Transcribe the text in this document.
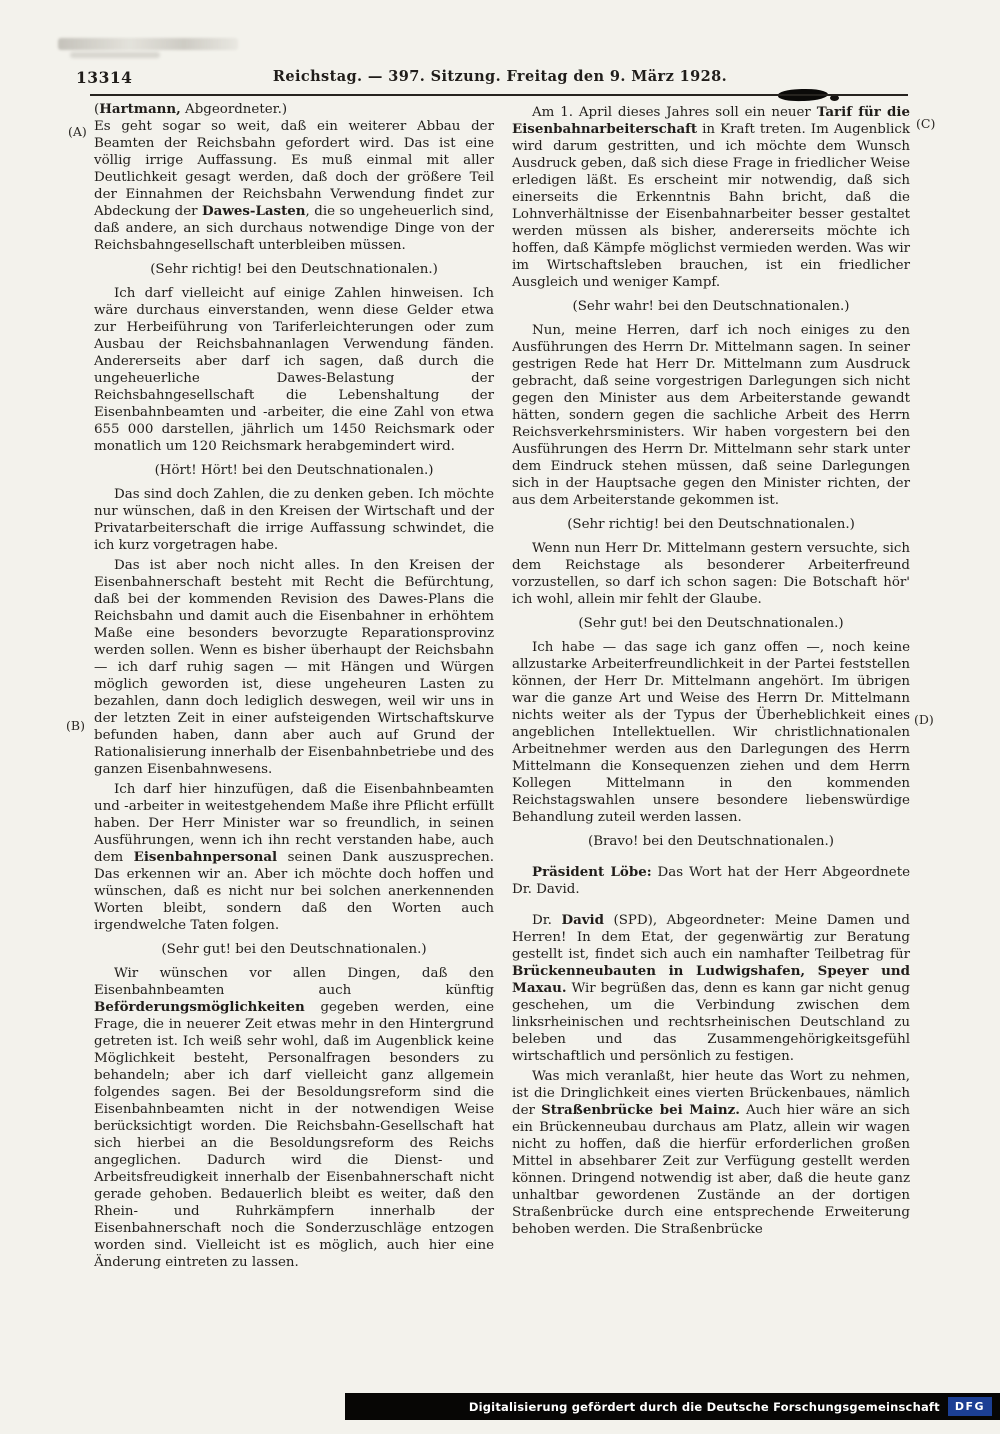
13314	Reichstag. — 397. Sitzung. Freitag den 9. März 1928.
(A)
(B)
(C)
(D)

(Hartmann, Abgeordneter.)

Es geht sogar so weit, daß ein weiterer Abbau der Beamten der Reichsbahn gefordert wird. Das ist eine völlig irrige Auffassung. Es muß einmal mit aller Deutlichkeit gesagt werden, daß doch der größere Teil der Einnahmen der Reichsbahn Verwendung findet zur Abdeckung der Dawes-Lasten, die so ungeheuerlich sind, daß andere, an sich durchaus notwendige Dinge von der Reichsbahngesellschaft unterbleiben müssen.

(Sehr richtig! bei den Deutschnationalen.)

Ich darf vielleicht auf einige Zahlen hinweisen. Ich wäre durchaus einverstanden, wenn diese Gelder etwa zur Herbeiführung von Tariferleichterungen oder zum Ausbau der Reichsbahnanlagen Verwendung fänden. Andererseits aber darf ich sagen, daß durch die ungeheuerliche Dawes-Belastung der Reichsbahngesellschaft die Lebenshaltung der Eisenbahnbeamten und -arbeiter, die eine Zahl von etwa 655 000 darstellen, jährlich um 1450 Reichsmark oder monatlich um 120 Reichsmark herabgemindert wird.

(Hört! Hört! bei den Deutschnationalen.)

Das sind doch Zahlen, die zu denken geben. Ich möchte nur wünschen, daß in den Kreisen der Wirtschaft und der Privatarbeiterschaft die irrige Auffassung schwindet, die ich kurz vorgetragen habe.

Das ist aber noch nicht alles. In den Kreisen der Eisenbahnerschaft besteht mit Recht die Befürchtung, daß bei der kommenden Revision des Dawes-Plans die Reichsbahn und damit auch die Eisenbahner in erhöhtem Maße eine besonders bevorzugte Reparationsprovinz werden sollen. Wenn es bisher überhaupt der Reichsbahn — ich darf ruhig sagen — mit Hängen und Würgen möglich geworden ist, diese ungeheuren Lasten zu bezahlen, dann doch lediglich deswegen, weil wir uns in der letzten Zeit in einer aufsteigenden Wirtschaftskurve befunden haben, dann aber auch auf Grund der Rationalisierung innerhalb der Eisenbahnbetriebe und des ganzen Eisenbahnwesens.

Ich darf hier hinzufügen, daß die Eisenbahnbeamten und -arbeiter in weitestgehendem Maße ihre Pflicht erfüllt haben. Der Herr Minister war so freundlich, in seinen Ausführungen, wenn ich ihn recht verstanden habe, auch dem Eisenbahnpersonal seinen Dank auszusprechen. Das erkennen wir an. Aber ich möchte doch hoffen und wünschen, daß es nicht nur bei solchen anerkennenden Worten bleibt, sondern daß den Worten auch irgendwelche Taten folgen.

(Sehr gut! bei den Deutschnationalen.)

Wir wünschen vor allen Dingen, daß den Eisenbahnbeamten auch künftig Beförderungsmöglichkeiten gegeben werden, eine Frage, die in neuerer Zeit etwas mehr in den Hintergrund getreten ist. Ich weiß sehr wohl, daß im Augenblick keine Möglichkeit besteht, Personalfragen besonders zu behandeln; aber ich darf vielleicht ganz allgemein folgendes sagen. Bei der Besoldungsreform sind die Eisenbahnbeamten nicht in der notwendigen Weise berücksichtigt worden. Die Reichsbahn-Gesellschaft hat sich hierbei an die Besoldungsreform des Reichs angeglichen. Dadurch wird die Dienst- und Arbeitsfreudigkeit innerhalb der Eisenbahnerschaft nicht gerade gehoben. Bedauerlich bleibt es weiter, daß den Rhein- und Ruhrkämpfern innerhalb der Eisenbahnerschaft noch die Sonderzuschläge entzogen worden sind. Vielleicht ist es möglich, auch hier eine Änderung eintreten zu lassen.

Am 1. April dieses Jahres soll ein neuer Tarif für die Eisenbahnarbeiterschaft in Kraft treten. Im Augenblick wird darum gestritten, und ich möchte dem Wunsch Ausdruck geben, daß sich diese Frage in friedlicher Weise erledigen läßt. Es erscheint mir notwendig, daß sich einerseits die Erkenntnis Bahn bricht, daß die Lohnverhältnisse der Eisenbahnarbeiter besser gestaltet werden müssen als bisher, andererseits möchte ich hoffen, daß Kämpfe möglichst vermieden werden. Was wir im Wirtschaftsleben brauchen, ist ein friedlicher Ausgleich und weniger Kampf.

(Sehr wahr! bei den Deutschnationalen.)

Nun, meine Herren, darf ich noch einiges zu den Ausführungen des Herrn Dr. Mittelmann sagen. In seiner gestrigen Rede hat Herr Dr. Mittelmann zum Ausdruck gebracht, daß seine vorgestrigen Darlegungen sich nicht gegen den Minister aus dem Arbeiterstande gewandt hätten, sondern gegen die sachliche Arbeit des Herrn Reichsverkehrsministers. Wir haben vorgestern bei den Ausführungen des Herrn Dr. Mittelmann sehr stark unter dem Eindruck stehen müssen, daß seine Darlegungen sich in der Hauptsache gegen den Minister richten, der aus dem Arbeiterstande gekommen ist.

(Sehr richtig! bei den Deutschnationalen.)

Wenn nun Herr Dr. Mittelmann gestern versuchte, sich dem Reichstage als besonderer Arbeiterfreund vorzustellen, so darf ich schon sagen: Die Botschaft hör' ich wohl, allein mir fehlt der Glaube.

(Sehr gut! bei den Deutschnationalen.)

Ich habe — das sage ich ganz offen —, noch keine allzustarke Arbeiterfreundlichkeit in der Partei feststellen können, der Herr Dr. Mittelmann angehört. Im übrigen war die ganze Art und Weise des Herrn Dr. Mittelmann nichts weiter als der Typus der Überheblichkeit eines angeblichen Intellektuellen. Wir christlichnationalen Arbeitnehmer werden aus den Darlegungen des Herrn Mittelmann die Konsequenzen ziehen und dem Herrn Kollegen Mittelmann in den kommenden Reichstagswahlen unsere besondere liebenswürdige Behandlung zuteil werden lassen.

(Bravo! bei den Deutschnationalen.)

Präsident Löbe: Das Wort hat der Herr Abgeordnete Dr. David.

Dr. David (SPD), Abgeordneter: Meine Damen und Herren! In dem Etat, der gegenwärtig zur Beratung gestellt ist, findet sich auch ein namhafter Teilbetrag für Brückenneubauten in Ludwigshafen, Speyer und Maxau. Wir begrüßen das, denn es kann gar nicht genug geschehen, um die Verbindung zwischen dem linksrheinischen und rechtsrheinischen Deutschland zu beleben und das Zusammengehörigkeitsgefühl wirtschaftlich und persönlich zu festigen.

Was mich veranlaßt, hier heute das Wort zu nehmen, ist die Dringlichkeit eines vierten Brückenbaues, nämlich der Straßenbrücke bei Mainz. Auch hier wäre an sich ein Brückenneubau durchaus am Platz, allein wir wagen nicht zu hoffen, daß die hierfür erforderlichen großen Mittel in absehbarer Zeit zur Verfügung gestellt werden können. Dringend notwendig ist aber, daß die heute ganz unhaltbar gewordenen Zustände an der dortigen Straßenbrücke durch eine entsprechende Erweiterung behoben werden. Die Straßenbrücke

Digitalisierung gefördert durch die Deutsche Forschungsgemeinschaft	DFG
